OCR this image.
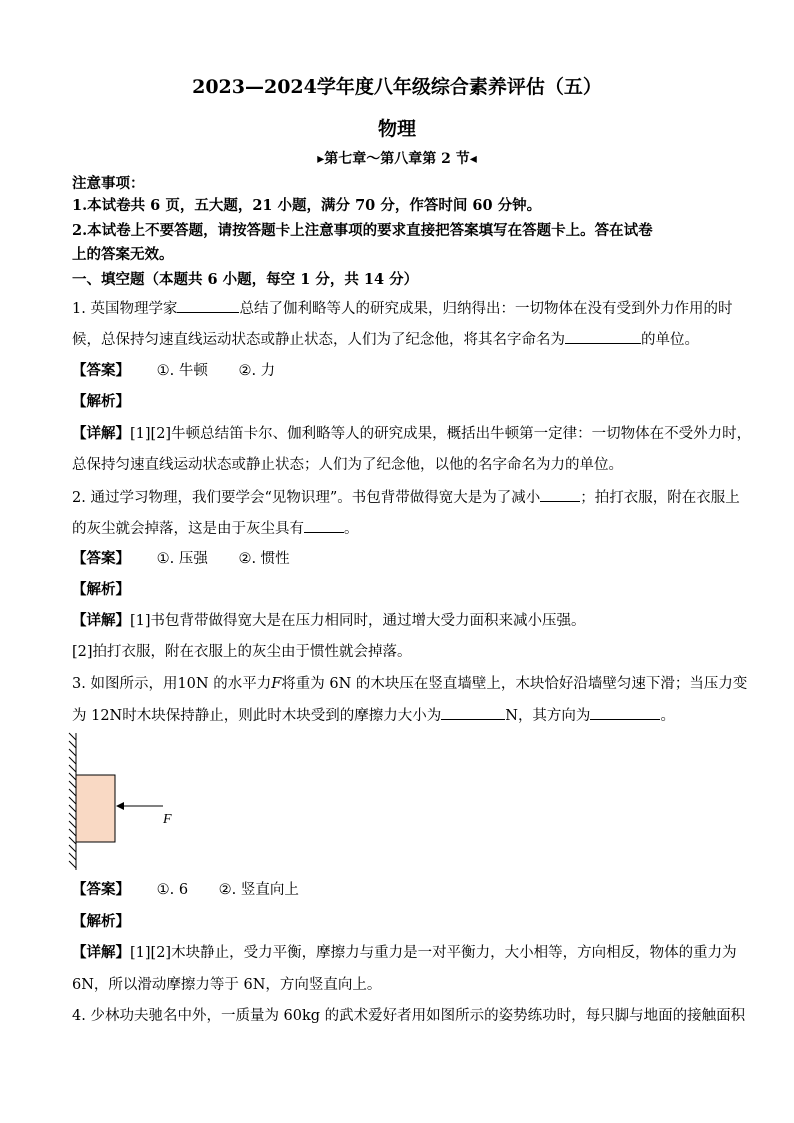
2023—2024学年度八年级综合素养评估（五）
物理
▸第七章～第八章第 2 节◂
注意事项：
1.本试卷共 6 页，五大题，21 小题，满分 70 分，作答时间 60 分钟。
2.本试卷上不要答题，请按答题卡上注意事项的要求直接把答案填写在答题卡上。答在试卷
上的答案无效。
一、填空题（本题共 6 小题，每空 1 分，共 14 分）
1. 英国物理学家	总结了伽利略等人的研究成果，归纳得出：一切物体在没有受到外力作用的时
候，总保持匀速直线运动状态或静止状态，人们为了纪念他，将其名字命名为	的单位。
【答案】 ①. 牛顿 ②. 力
【解析】
【详解】[1][2]牛顿总结笛卡尔、伽利略等人的研究成果，概括出牛顿第一定律：一切物体在不受外力时，
总保持匀速直线运动状态或静止状态；人们为了纪念他，以他的名字命名为力的单位。
2. 通过学习物理，我们要学会“见物识理”。书包背带做得宽大是为了减小	；拍打衣服，附在衣服上
的灰尘就会掉落，这是由于灰尘具有	。
【答案】 ①. 压强 ②. 惯性
【解析】
【详解】[1]书包背带做得宽大是在压力相同时，通过增大受力面积来减小压强。
[2]拍打衣服，附在衣服上的灰尘由于惯性就会掉落。
3. 如图所示，用10N 的水平力F将重为 6N 的木块压在竖直墙壁上，木块恰好沿墙壁匀速下滑；当压力变
为 12N时木块保持静止，则此时木块受到的摩擦力大小为	N，其方向为	。
F
【答案】 ①. 6 ②. 竖直向上
【解析】
【详解】[1][2]木块静止，受力平衡，摩擦力与重力是一对平衡力，大小相等，方向相反，物体的重力为
6N，所以滑动摩擦力等于 6N，方向竖直向上。
4. 少林功夫驰名中外，一质量为 60kg 的武术爱好者用如图所示的姿势练功时，每只脚与地面的接触面积
